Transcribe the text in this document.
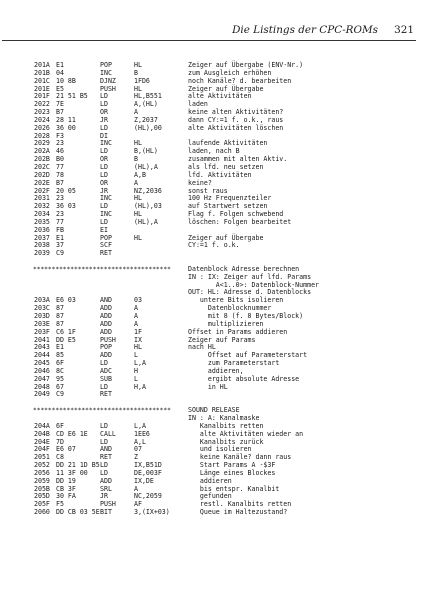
Die Listings der CPC-ROMs 321
201A E1	POP	HL	Zeiger auf Übergabe (ENV-Nr.)
201B 04	INC	B	zum Ausgleich erhöhen
201C 10 8B	DJNZ	1FD6	noch Kanäle? d. bearbeiten
201E E5	PUSH	HL	Zeiger auf Übergabe
201F 21 51 B5 LD	HL,B551	alte Aktivitäten
2022 7E	LD	A,(HL)	laden
2023 B7	OR	A	keine alten Aktivitäten?
2024 28 11	JR	Z,2037	dann CY:=1 f. o.k., raus
2026 36 00	LD	(HL),00	alte Aktivitäten löschen
2028 F3	DI
2029 23	INC	HL	laufende Aktivitäten
202A 46	LD	B,(HL)	laden, nach B
202B B0	OR	B	zusammen mit alten Aktiv.
202C 77	LD	(HL),A	als lfd. neu setzen
202D 78	LD	A,B	lfd. Aktivitäten
202E B7	OR	A	keine?
202F 20 05	JR	NZ,2036	sonst raus
2031 23	INC	HL	100 Hz Frequenzteiler
2032 36 03	LD	(HL),03	auf Startwert setzen
2034 23	INC	HL	Flag f. Folgen schwebend
2035 77	LD	(HL),A	löschen: Folgen bearbeitet
2036 FB	EI
2037 E1	POP	HL	Zeiger auf Übergabe
2038 37	SCF	CY:=1 f. o.k.
2039 C9	RET
*************************************	Datenblock Adresse berechnen
IN : IX: Zeiger auf lfd. Params
A<1..0>: Datenblock-Nummer
OUT: HL: Adresse d. Datenblocks
203A E6 03	AND	03	untere Bits isolieren
203C 87	ADD	A	Datenblocknummer
203D 87	ADD	A	mit 8 (f. 8 Bytes/Block)
203E 87	ADD	A	multiplizieren
203F C6 1F	ADD	1F	Offset in Params addieren
2041 DD E5	PUSH	IX	Zeiger auf Params
2043 E1	POP	HL	nach HL
2044 85	ADD	L	Offset auf Parameterstart
2045 6F	LD	L,A	zum Parameterstart
2046 8C	ADC	H	addieren,
2047 95	SUB	L	ergibt absolute Adresse
2048 67	LD	H,A	in HL
2049 C9	RET
*************************************	SOUND RELEASE
IN : A: Kanalmaske
204A 6F	LD	L,A	Kanalbits retten
204B CD E6 1E CALL	1EE6	alte Aktivitäten wieder an
204E 7D	LD	A,L	Kanalbits zurück
204F E6 07	AND	07	und isolieren
2051 C8	RET	Z	keine Kanäle? dann raus
2052 DD 21 1D B5 LD	IX,B51D	Start Params A -$3F
2056 11 3F 00 LD	DE,003F	Länge eines Blockes
2059 DD 19	ADD	IX,DE	addieren
205B CB 3F	SRL	A	bis entspr. Kanalbit
205D 30 FA	JR	NC,2059	gefunden
205F F5	PUSH	AF	restl. Kanalbits retten
2060 DD CB 03 5E BIT	3,(IX+03)	Queue im Haltezustand?
